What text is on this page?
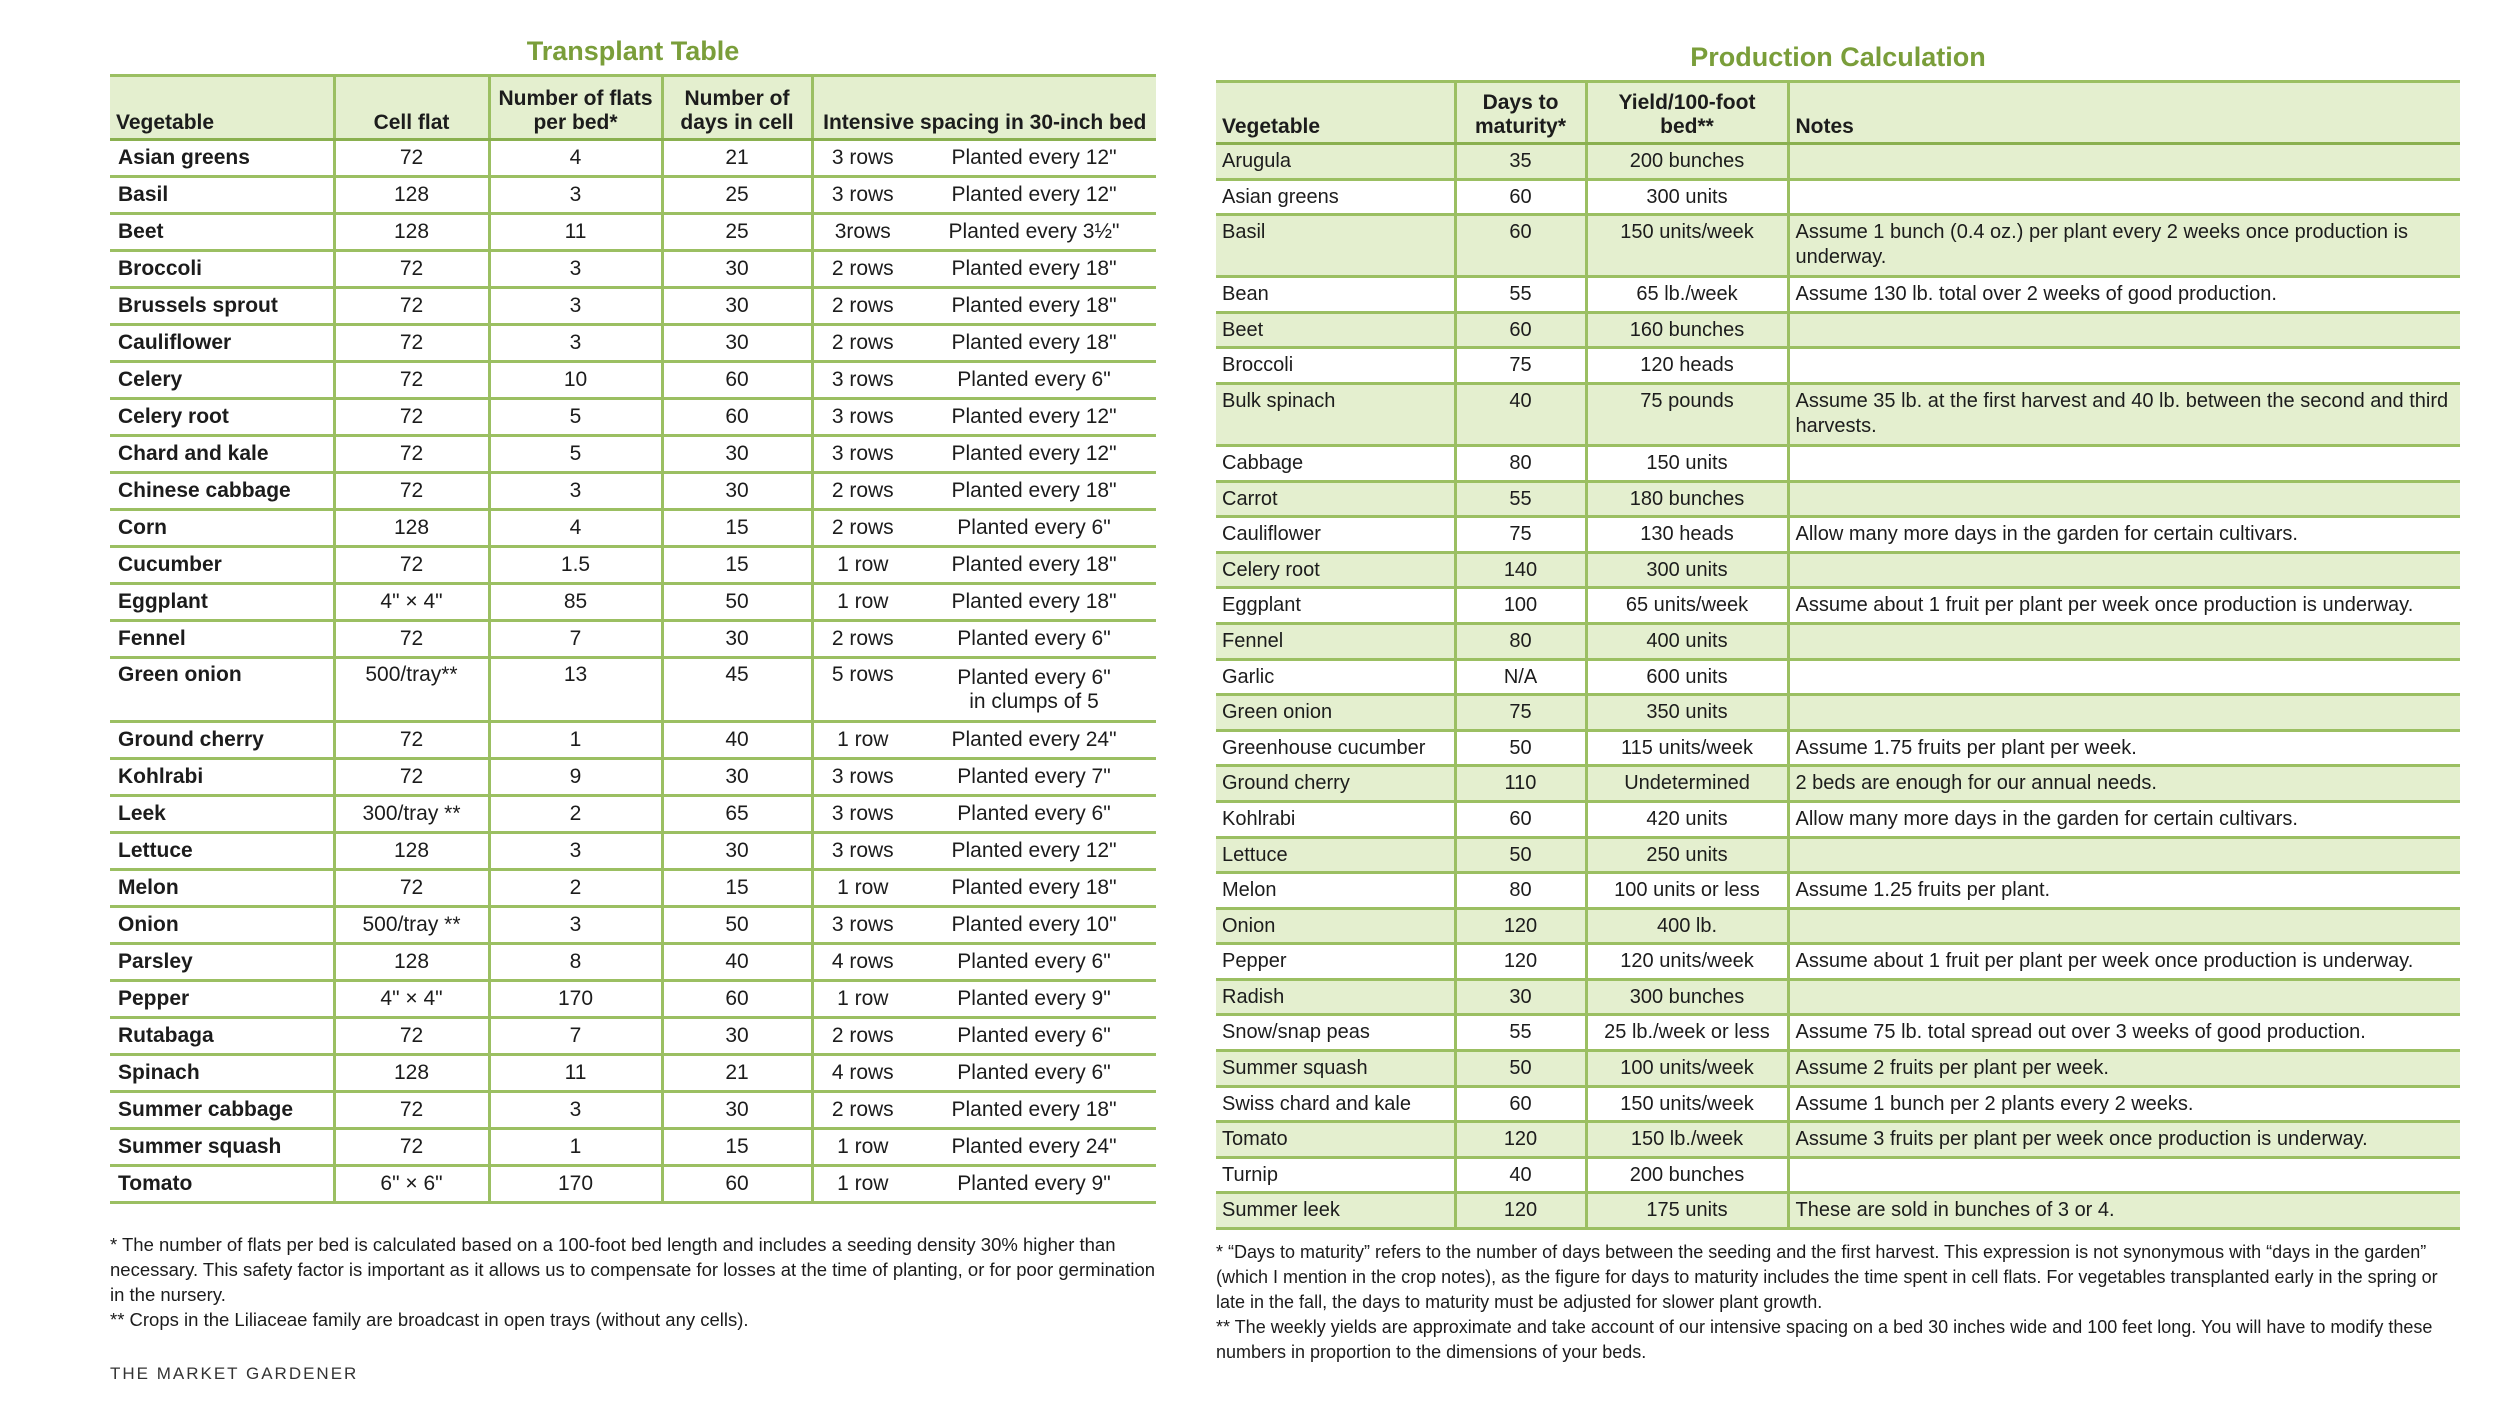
Transplant Table
Vegetable	Cell flat	Number of flats per bed*	Number of days in cell	Intensive spacing in 30-inch bed	
Asian greens	72	4	21	3 rows	Planted every 12"

Basil	128	3	25	3 rows	Planted every 12"

Beet	128	11	25	3rows	Planted every 3½"

Broccoli	72	3	30	2 rows	Planted every 18"

Brussels sprout	72	3	30	2 rows	Planted every 18"

Cauliflower	72	3	30	2 rows	Planted every 18"

Celery	72	10	60	3 rows	Planted every 6"

Celery root	72	5	60	3 rows	Planted every 12"

Chard and kale	72	5	30	3 rows	Planted every 12"

Chinese cabbage	72	3	30	2 rows	Planted every 18"

Corn	128	4	15	2 rows	Planted every 6"

Cucumber	72	1.5	15	1 row	Planted every 18"

Eggplant	4" × 4"	85	50	1 row	Planted every 18"

Fennel	72	7	30	2 rows	Planted every 6"

Green onion	500/tray**	13	45	5 rows	Planted every 6"
in clumps of 5

Ground cherry	72	1	40	1 row	Planted every 24"

Kohlrabi	72	9	30	3 rows	Planted every 7"

Leek	300/tray **	2	65	3 rows	Planted every 6"

Lettuce	128	3	30	3 rows	Planted every 12"

Melon	72	2	15	1 row	Planted every 18"

Onion	500/tray **	3	50	3 rows	Planted every 10"

Parsley	128	8	40	4 rows	Planted every 6"

Pepper	4" × 4"	170	60	1 row	Planted every 9"

Rutabaga	72	7	30	2 rows	Planted every 6"

Spinach	128	11	21	4 rows	Planted every 6"

Summer cabbage	72	3	30	2 rows	Planted every 18"

Summer squash	72	1	15	1 row	Planted every 24"

Tomato	6" × 6"	170	60	1 row	Planted every 9"
Production Calculation
Vegetable	Days to maturity*	Yield/100-foot bed**	Notes
Arugula	35	200 bunches	
Asian greens	60	300 units	
Basil	60	150 units/week	Assume 1 bunch (0.4 oz.) per plant every 2 weeks once production is underway.
Bean	55	65 lb./week	Assume 130 lb. total over 2 weeks of good production.
Beet	60	160 bunches	
Broccoli	75	120 heads	
Bulk spinach	40	75 pounds	Assume 35 lb. at the first harvest and 40 lb. between the second and third harvests.
Cabbage	80	150 units	
Carrot	55	180 bunches	
Cauliflower	75	130 heads	Allow many more days in the garden for certain cultivars.
Celery root	140	300 units	
Eggplant	100	65 units/week	Assume about 1 fruit per plant per week once production is underway.
Fennel	80	400 units	
Garlic	N/A	600 units	
Green onion	75	350 units	
Greenhouse cucumber	50	115 units/week	Assume 1.75 fruits per plant per week.
Ground cherry	110	Undetermined	2 beds are enough for our annual needs.
Kohlrabi	60	420 units	Allow many more days in the garden for certain cultivars.
Lettuce	50	250 units	
Melon	80	100 units or less	Assume 1.25 fruits per plant.
Onion	120	400 lb.	
Pepper	120	120 units/week	Assume about 1 fruit per plant per week once production is underway.
Radish	30	300 bunches	
Snow/snap peas	55	25 lb./week or less	Assume 75 lb. total spread out over 3 weeks of good production.
Summer squash	50	100 units/week	Assume 2 fruits per plant per week.
Swiss chard and kale	60	150 units/week	Assume 1 bunch per 2 plants every 2 weeks.
Tomato	120	150 lb./week	Assume 3 fruits per plant per week once production is underway.
Turnip	40	200 bunches	
Summer leek	120	175 units	These are sold in bunches of 3 or 4.
* The number of flats per bed is calculated based on a 100-foot bed length and includes a seeding density 30% higher than necessary. This safety factor is important as it allows us to compensate for losses at the time of planting, or for poor germination in the nursery.
** Crops in the Liliaceae family are broadcast in open trays (without any cells).
* “Days to maturity” refers to the number of days between the seeding and the first harvest. This expression is not synonymous with “days in the garden” (which I mention in the crop notes), as the figure for days to maturity includes the time spent in cell flats. For vegetables transplanted early in the spring or late in the fall, the days to maturity must be adjusted for slower plant growth.
** The weekly yields are approximate and take account of our intensive spacing on a bed 30 inches wide and 100 feet long. You will have to modify these numbers in proportion to the dimensions of your beds.
THE MARKET GARDENER
